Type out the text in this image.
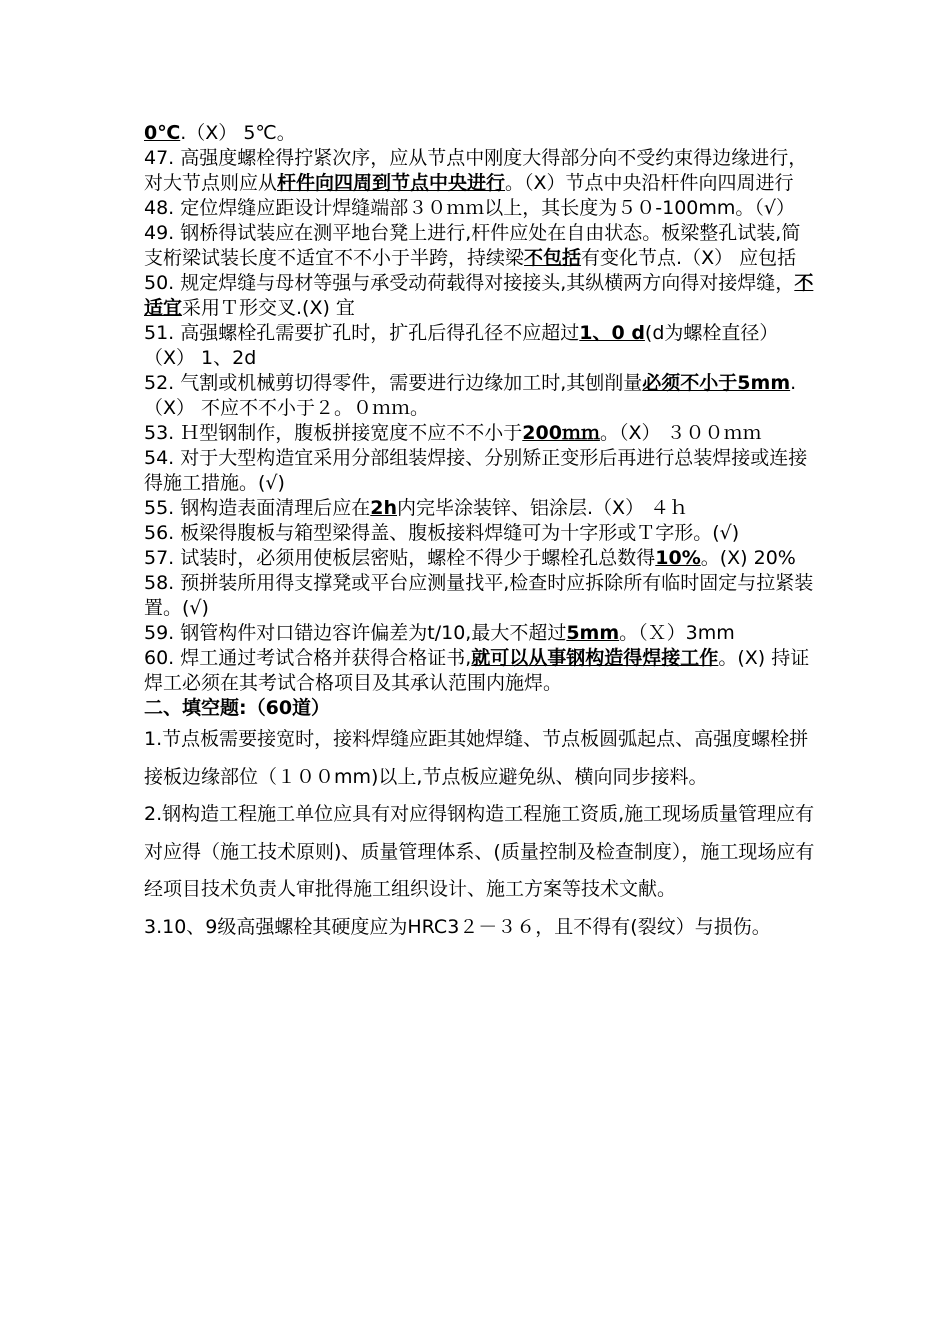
0℃.（X） 5℃。

47. 高强度螺栓得拧紧次序，应从节点中刚度大得部分向不受约束得边缘进行，对大节点则应从杆件向四周到节点中央进行。（X）节点中央沿杆件向四周进行

48. 定位焊缝应距设计焊缝端部３０ｍｍ以上，其长度为５０-100mm。（√）

49. 钢桥得试装应在测平地台凳上进行,杆件应处在自由状态。板梁整孔试装,简支桁梁试装长度不适宜不不小于半跨，持续梁不包括有变化节点.（X） 应包括

50. 规定焊缝与母材等强与承受动荷载得对接接头,其纵横两方向得对接焊缝，不适宜采用Ｔ形交叉.(X) 宜

51. 高强螺栓孔需要扩孔时，扩孔后得孔径不应超过1、0 d(d为螺栓直径）（X） 1、2d

52. 气割或机械剪切得零件，需要进行边缘加工时,其刨削量必须不小于5mm.（X） 不应不不小于２。０ｍｍ。

53. Ｈ型钢制作，腹板拼接宽度不应不不小于200ｍｍ。（X） ３００ｍｍ

54. 对于大型构造宜采用分部组装焊接、分别矫正变形后再进行总装焊接或连接得施工措施。(√)

55. 钢构造表面清理后应在2h内完毕涂装锌、铝涂层.（X） ４ｈ

56. 板梁得腹板与箱型梁得盖、腹板接料焊缝可为十字形或Ｔ字形。(√)

57. 试装时，必须用使板层密贴，螺栓不得少于螺栓孔总数得10%。(X) 20%

58. 预拼装所用得支撑凳或平台应测量找平,检查时应拆除所有临时固定与拉紧装置。(√)

59. 钢管构件对口错边容许偏差为t/10,最大不超过5mm。（Ｘ）3mm

60. 焊工通过考试合格并获得合格证书,就可以从事钢构造得焊接工作。(X) 持证焊工必须在其考试合格项目及其承认范围内施焊。

二、填空题:（60道）

1.节点板需要接宽时，接料焊缝应距其她焊缝、节点板圆弧起点、高强度螺栓拼接板边缘部位（１００mm)以上,节点板应避免纵、横向同步接料。

2.钢构造工程施工单位应具有对应得钢构造工程施工资质,施工现场质量管理应有对应得（施工技术原则)、质量管理体系、(质量控制及检查制度），施工现场应有经项目技术负责人审批得施工组织设计、施工方案等技术文献。

3.10、9级高强螺栓其硬度应为HRC3２－３６，且不得有(裂纹）与损伤。
